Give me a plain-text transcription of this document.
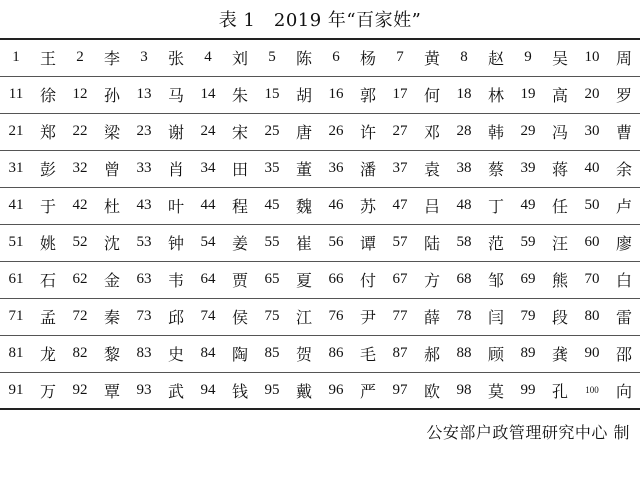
表 1　2019 年“百家姓”
1	王	2	李	3	张	4	刘	5	陈	6	杨	7	黄	8	赵	9	吴	10	周
11	徐	12	孙	13	马	14	朱	15	胡	16	郭	17	何	18	林	19	高	20	罗
21	郑	22	梁	23	谢	24	宋	25	唐	26	许	27	邓	28	韩	29	冯	30	曹
31	彭	32	曾	33	肖	34	田	35	董	36	潘	37	袁	38	蔡	39	蒋	40	余
41	于	42	杜	43	叶	44	程	45	魏	46	苏	47	吕	48	丁	49	任	50	卢
51	姚	52	沈	53	钟	54	姜	55	崔	56	谭	57	陆	58	范	59	汪	60	廖
61	石	62	金	63	韦	64	贾	65	夏	66	付	67	方	68	邹	69	熊	70	白
71	孟	72	秦	73	邱	74	侯	75	江	76	尹	77	薛	78	闫	79	段	80	雷
81	龙	82	黎	83	史	84	陶	85	贺	86	毛	87	郝	88	顾	89	龚	90	邵
91	万	92	覃	93	武	94	钱	95	戴	96	严	97	欧	98	莫	99	孔	100	向
公安部户政管理研究中心 制
